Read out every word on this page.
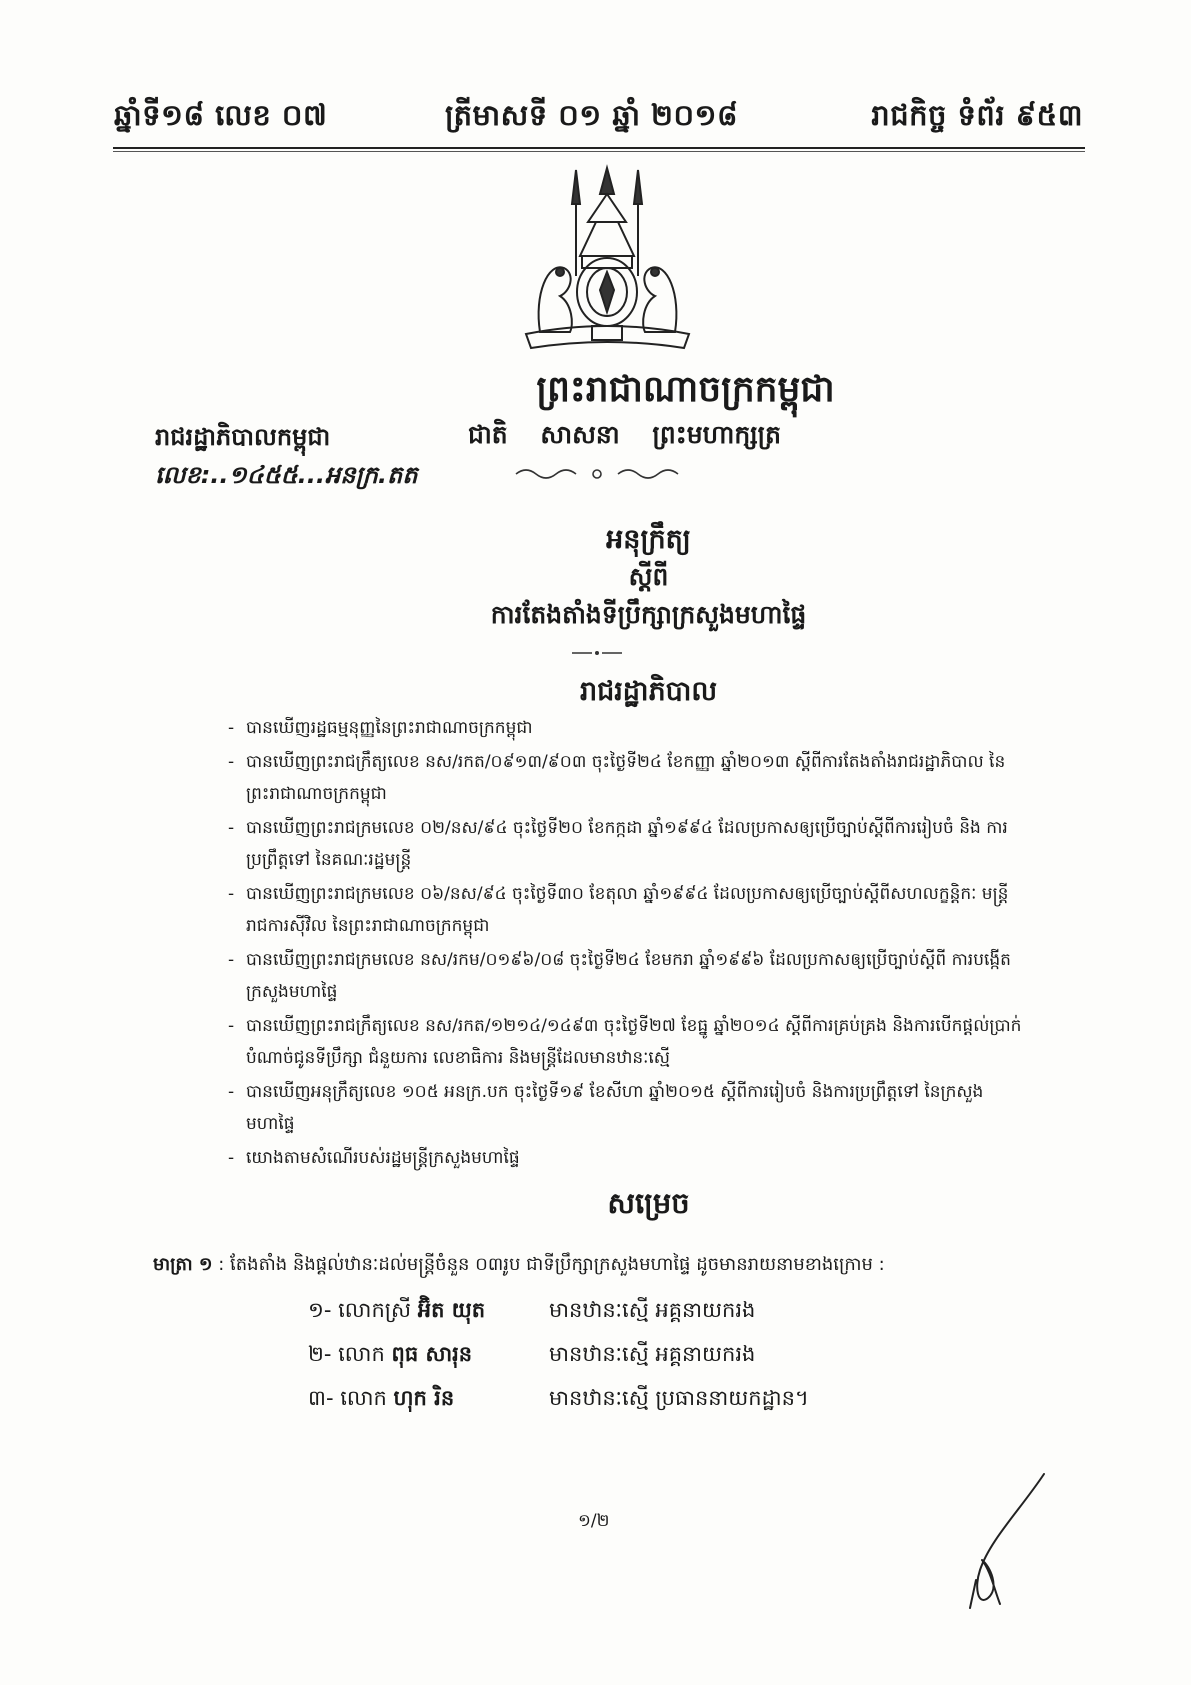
ឆ្នាំទី១៨ លេខ ០៧	ត្រីមាសទី ០១ ឆ្នាំ ២០១៨	រាជកិច្ច ទំព័រ ៩៥៣
ព្រះរាជាណាចក្រកម្ពុជា
ជាតិ សាសនា ព្រះមហាក្សត្រ
រាជរដ្ឋាភិបាលកម្ពុជា
លេខ:..១៤៥៥...អនក្រ.តត
អនុក្រឹត្យ
ស្តីពី
ការតែងតាំងទីប្រឹក្សាក្រសួងមហាផ្ទៃ
រាជរដ្ឋាភិបាល
- បានឃើញរដ្ឋធម្មនុញ្ញនៃព្រះរាជាណាចក្រកម្ពុជា
- បានឃើញព្រះរាជក្រឹត្យលេខ នស/រកត/០៩១៣/៩០៣ ចុះថ្ងៃទី២៤ ខែកញ្ញា ឆ្នាំ២០១៣ ស្តីពីការតែងតាំងរាជរដ្ឋាភិបាល នៃព្រះរាជាណាចក្រកម្ពុជា
- បានឃើញព្រះរាជក្រមលេខ ០២/នស/៩៤ ចុះថ្ងៃទី២០ ខែកក្កដា ឆ្នាំ១៩៩៤ ដែលប្រកាសឲ្យប្រើច្បាប់ស្តីពីការរៀបចំ និង ការប្រព្រឹត្តទៅ នៃគណៈរដ្ឋមន្ត្រី
- បានឃើញព្រះរាជក្រមលេខ ០៦/នស/៩៤ ចុះថ្ងៃទី៣០ ខែតុលា ឆ្នាំ១៩៩៤ ដែលប្រកាសឲ្យប្រើច្បាប់ស្តីពីសហលក្ខន្តិកៈ មន្ត្រីរាជការស៊ីវិល នៃព្រះរាជាណាចក្រកម្ពុជា
- បានឃើញព្រះរាជក្រមលេខ នស/រកម/០១៩៦/០៨ ចុះថ្ងៃទី២៤ ខែមករា ឆ្នាំ១៩៩៦ ដែលប្រកាសឲ្យប្រើច្បាប់ស្តីពី ការបង្កើតក្រសួងមហាផ្ទៃ
- បានឃើញព្រះរាជក្រឹត្យលេខ នស/រកត/១២១៤/១៤៩៣ ចុះថ្ងៃទី២៧ ខែធ្នូ ឆ្នាំ២០១៤ ស្តីពីការគ្រប់គ្រង និងការបើកផ្តល់ប្រាក់ បំណាច់ជូនទីប្រឹក្សា ជំនួយការ លេខាធិការ និងមន្ត្រីដែលមានឋានៈស្មើ
- បានឃើញអនុក្រឹត្យលេខ ១០៥ អនក្រ.បក ចុះថ្ងៃទី១៩ ខែសីហា ឆ្នាំ២០១៥ ស្តីពីការរៀបចំ និងការប្រព្រឹត្តទៅ នៃក្រសួងមហាផ្ទៃ
- យោងតាមសំណើរបស់រដ្ឋមន្ត្រីក្រសួងមហាផ្ទៃ
សម្រេច
មាត្រា ១ : តែងតាំង និងផ្តល់ឋានៈដល់មន្ត្រីចំនួន ០៣រូប ជាទីប្រឹក្សាក្រសួងមហាផ្ទៃ ដូចមានរាយនាមខាងក្រោម :
១- លោកស្រី អ៊ិត យុត	មានឋានៈស្មើ អគ្គនាយករង
២- លោក ពុធ សារុន	មានឋានៈស្មើ អគ្គនាយករង
៣- លោក ហុក រិន	មានឋានៈស្មើ ប្រធាននាយកដ្ឋាន។
១/២
